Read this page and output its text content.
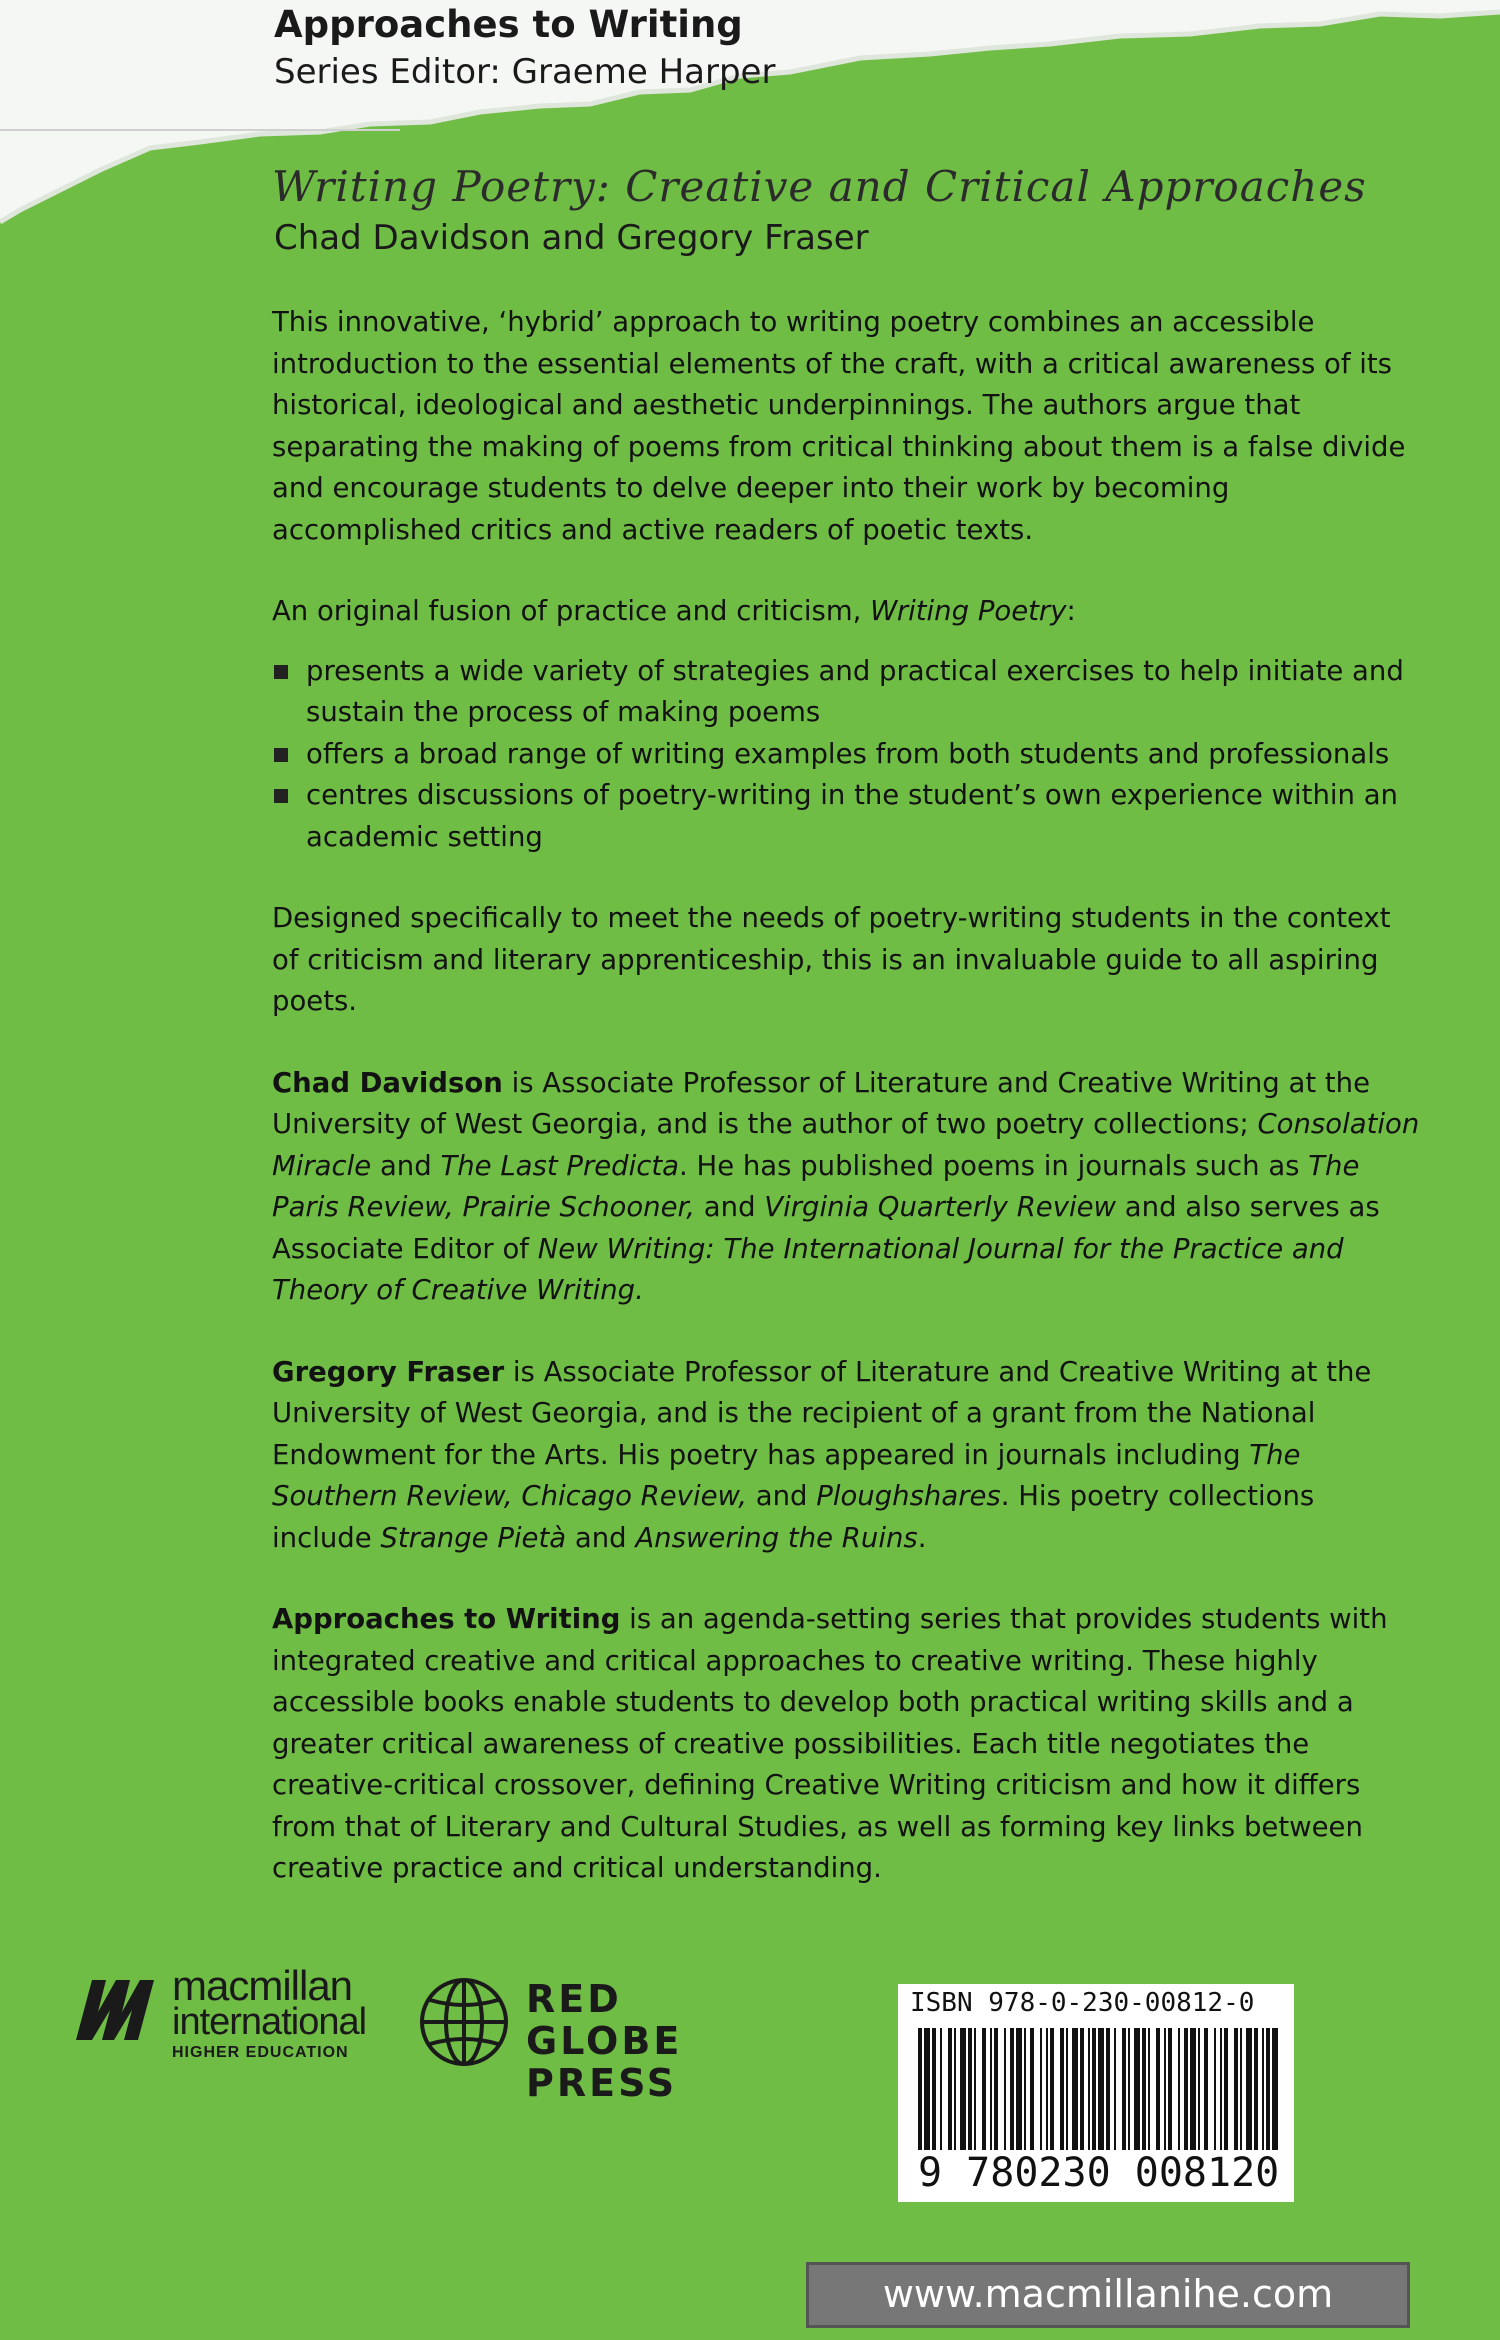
Approaches to Writing
Series Editor: Graeme Harper
Writing Poetry: Creative and Critical Approaches
Chad Davidson and Gregory Fraser

This innovative, ‘hybrid’ approach to writing poetry combines an accessible introduction to the essential elements of the craft, with a critical awareness of its historical, ideological and aesthetic underpinnings. The authors argue that separating the making of poems from critical thinking about them is a false divide and encourage students to delve deeper into their work by becoming accomplished critics and active readers of poetic texts.

An original fusion of practice and criticism, Writing Poetry:

presents a wide variety of strategies and practical exercises to help initiate and sustain the process of making poems
offers a broad range of writing examples from both students and professionals
centres discussions of poetry-writing in the student’s own experience within an academic setting

Designed specifically to meet the needs of poetry-writing students in the context of criticism and literary apprenticeship, this is an invaluable guide to all aspiring poets.

Chad Davidson is Associate Professor of Literature and Creative Writing at the University of West Georgia, and is the author of two poetry collections; Consolation Miracle and The Last Predicta. He has published poems in journals such as The Paris Review, Prairie Schooner, and Virginia Quarterly Review and also serves as Associate Editor of New Writing: The International Journal for the Practice and Theory of Creative Writing.

Gregory Fraser is Associate Professor of Literature and Creative Writing at the University of West Georgia, and is the recipient of a grant from the National Endowment for the Arts. His poetry has appeared in journals including The Southern Review, Chicago Review, and Ploughshares. His poetry collections include Strange Pietà and Answering the Ruins.

Approaches to Writing is an agenda-setting series that provides students with integrated creative and critical approaches to creative writing. These highly accessible books enable students to develop both practical writing skills and a greater critical awareness of creative possibilities. Each title negotiates the creative-critical crossover, defining Creative Writing criticism and how it differs from that of Literary and Cultural Studies, as well as forming key links between creative practice and critical understanding.

macmillan
international
HIGHER EDUCATION
RED GLOBE
PRESS
ISBN 978-0-230-00812-0
9 780230 008120
www.macmillanihe.com
